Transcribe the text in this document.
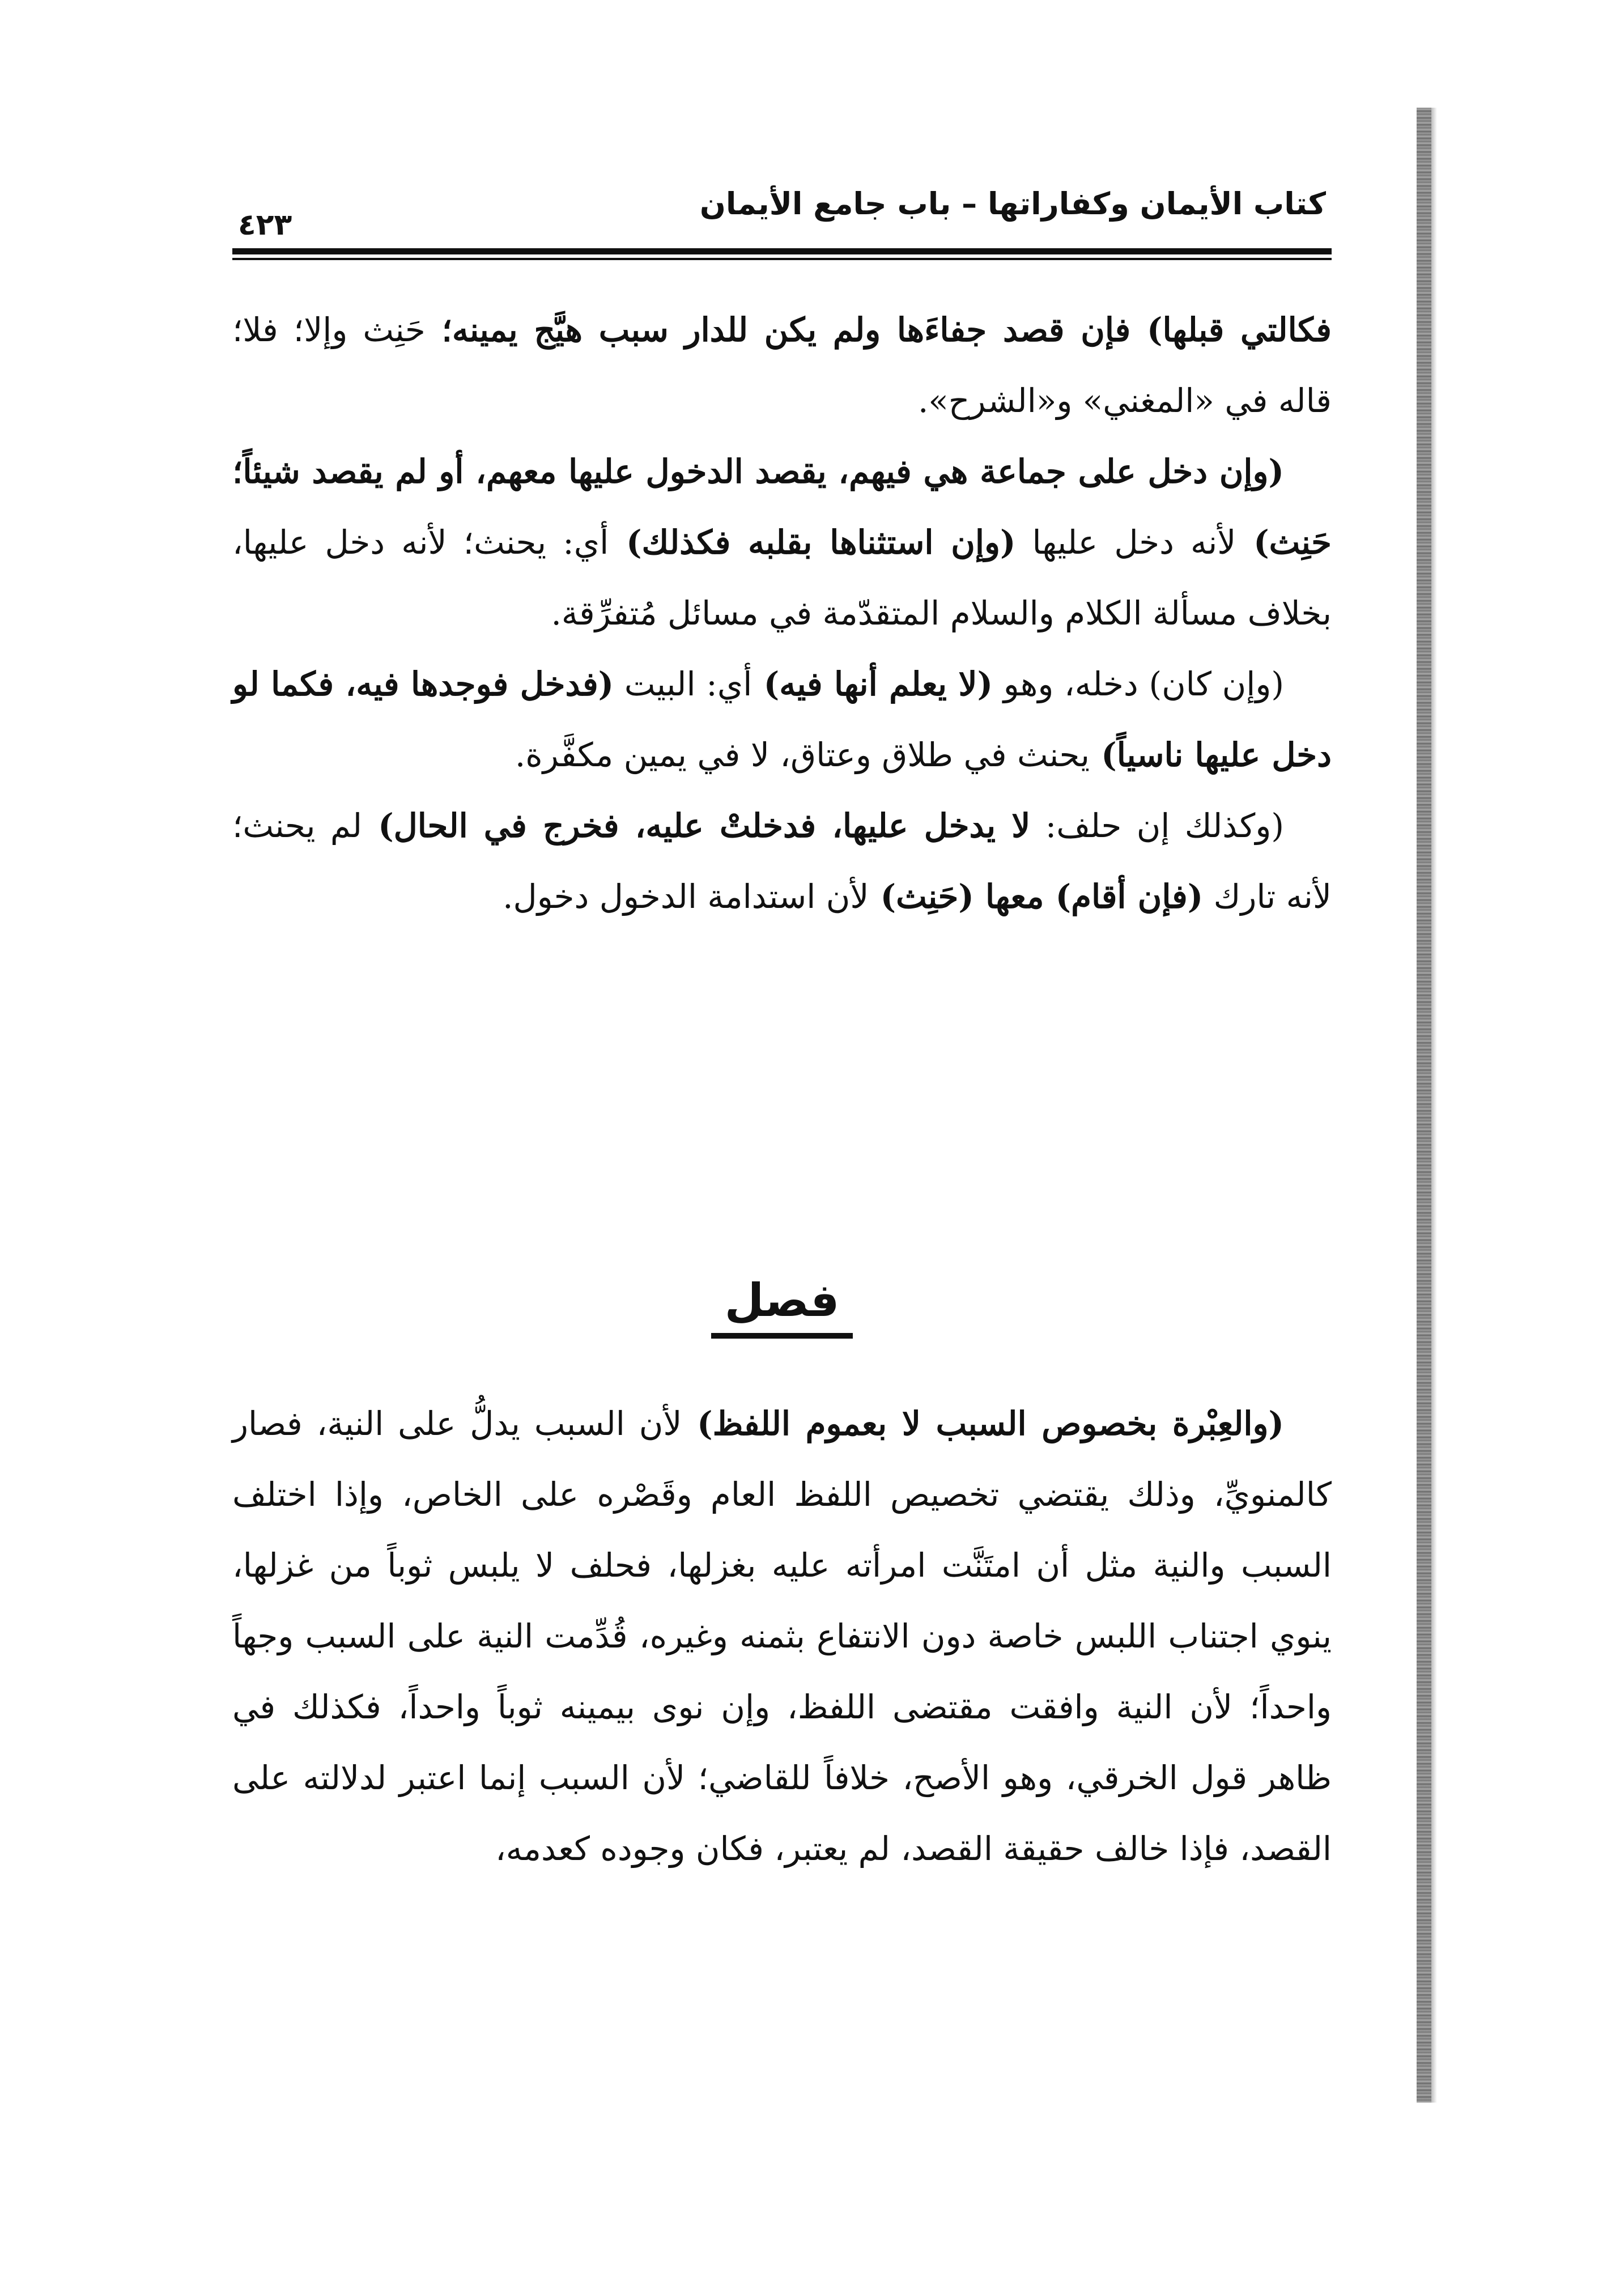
كتاب الأيمان وكفاراتها – باب جامع الأيمان
٤٢٣

فكالتي قبلها) فإن قصد جفاءَها ولم يكن للدار سبب هيَّج يمينه؛ حَنِث وإلا؛ فلا؛ قاله في «المغني» و«الشرح».

(وإن دخل على جماعة هي فيهم، يقصد الدخول عليها معهم، أو لم يقصد شيئاً؛ حَنِث) لأنه دخل عليها (وإن استثناها بقلبه فكذلك) أي: يحنث؛ لأنه دخل عليها، بخلاف مسألة الكلام والسلام المتقدّمة في مسائل مُتفرِّقة.

(وإن كان) دخله، وهو (لا يعلم أنها فيه) أي: البيت (فدخل فوجدها فيه، فكما لو دخل عليها ناسياً) يحنث في طلاق وعتاق، لا في يمين مكفَّرة.

(وكذلك إن حلف: لا يدخل عليها، فدخلتْ عليه، فخرج في الحال) لم يحنث؛ لأنه تارك (فإن أقام) معها (حَنِث) لأن استدامة الدخول دخول.

فصل

(والعِبْرة بخصوص السبب لا بعموم اللفظ) لأن السبب يدلُّ على النية، فصار كالمنويِّ، وذلك يقتضي تخصيص اللفظ العام وقَصْره على الخاص، وإذا اختلف السبب والنية مثل أن امتَنَّت امرأته عليه بغزلها، فحلف لا يلبس ثوباً من غزلها، ينوي اجتناب اللبس خاصة دون الانتفاع بثمنه وغيره، قُدِّمت النية على السبب وجهاً واحداً؛ لأن النية وافقت مقتضى اللفظ، وإن نوى بيمينه ثوباً واحداً، فكذلك في ظاهر قول الخرقي، وهو الأصح، خلافاً للقاضي؛ لأن السبب إنما اعتبر لدلالته على القصد، فإذا خالف حقيقة القصد، لم يعتبر، فكان وجوده كعدمه،
